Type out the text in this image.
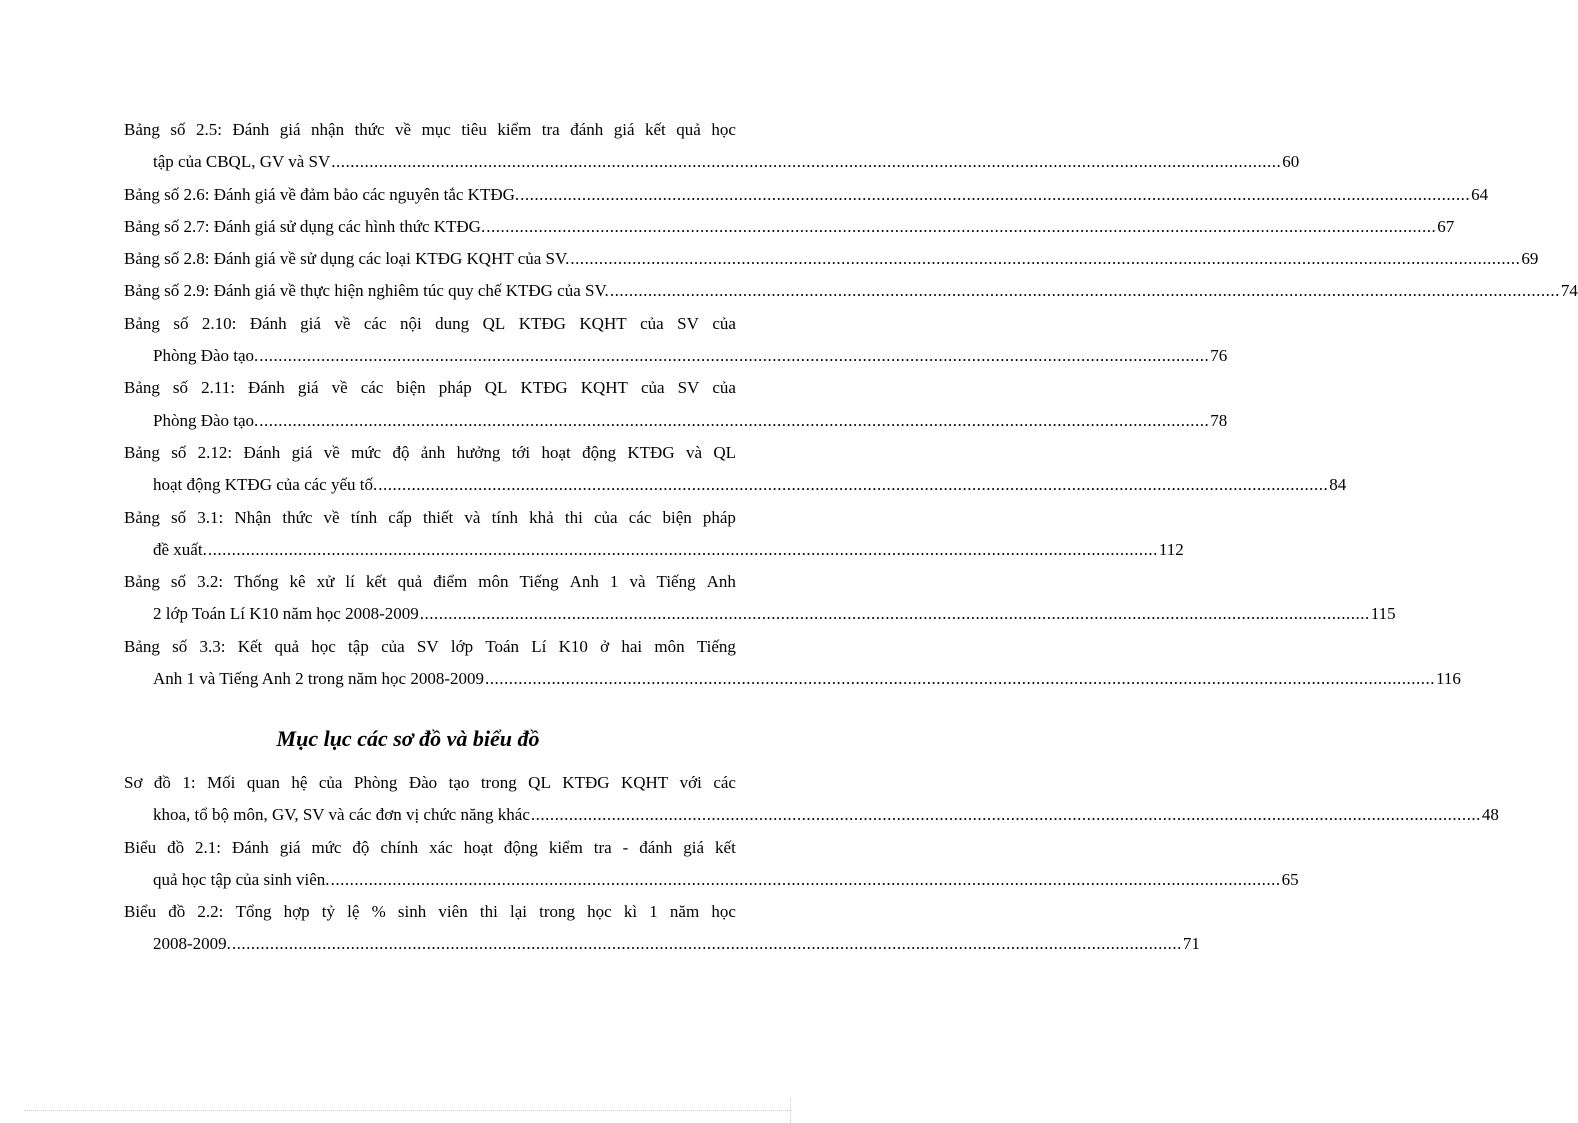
Bảng số 2.5: Đánh giá nhận thức về mục tiêu kiểm tra đánh giá kết quả học
tập của CBQL, GV và SV ........................................................................................................................................................................................................ 60

Bảng số 2.6: Đánh giá về đảm bảo các nguyên tắc KTĐG. ........................................................................................................................................................................................................ 64

Bảng số 2.7: Đánh giá sử dụng các hình thức KTĐG. ........................................................................................................................................................................................................ 67

Bảng số 2.8: Đánh giá về sử dụng các loại KTĐG KQHT của SV. ........................................................................................................................................................................................................ 69

Bảng số 2.9: Đánh giá về thực hiện nghiêm túc quy chế KTĐG của SV. ........................................................................................................................................................................................................ 74

Bảng số 2.10: Đánh giá về các nội dung QL KTĐG KQHT của SV của
Phòng Đào tạo. ........................................................................................................................................................................................................ 76

Bảng số 2.11: Đánh giá về các biện pháp QL KTĐG KQHT của SV của
Phòng Đào tạo. ........................................................................................................................................................................................................ 78

Bảng số 2.12: Đánh giá về mức độ ảnh hưởng tới hoạt động KTĐG và QL
hoạt động KTĐG của các yếu tố. ........................................................................................................................................................................................................ 84

Bảng số 3.1: Nhận thức về tính cấp thiết và tính khả thi của các biện pháp
đề xuất. ........................................................................................................................................................................................................ 112

Bảng số 3.2: Thống kê xử lí kết quả điểm môn Tiếng Anh 1 và Tiếng Anh
2 lớp Toán Lí K10 năm học 2008-2009 ........................................................................................................................................................................................................ 115

Bảng số 3.3: Kết quả học tập của SV lớp Toán Lí K10 ở hai môn Tiếng
Anh 1 và Tiếng Anh 2 trong năm học 2008-2009 ........................................................................................................................................................................................................ 116

Mục lục các sơ đồ và biểu đồ

Sơ đồ 1: Mối quan hệ của Phòng Đào tạo trong QL KTĐG KQHT với các
khoa, tổ bộ môn, GV, SV và các đơn vị chức năng khác ........................................................................................................................................................................................................ 48

Biểu đồ 2.1: Đánh giá mức độ chính xác hoạt động kiểm tra - đánh giá kết
quả học tập của sinh viên. ........................................................................................................................................................................................................ 65

Biểu đồ 2.2: Tổng hợp tỷ lệ % sinh viên thi lại trong học kì 1 năm học
2008-2009. ........................................................................................................................................................................................................ 71
